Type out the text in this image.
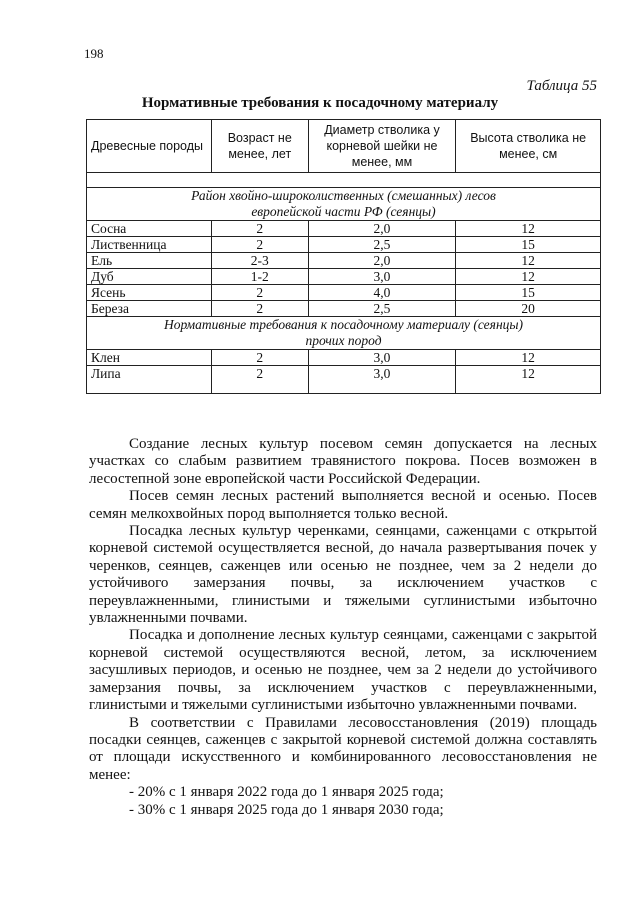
198
Таблица 55
Нормативные требования к посадочному материалу
Древесные породы	Возраст не менее, лет	Диаметр стволика у корневой шейки не менее, мм	Высота стволика не менее, см

Район хвойно-широколиственных (смешанных) лесов
европейской части РФ (сеянцы)			

Сосна	2	2,0	12
Лиственница	2	2,5	15
Ель	2-3	2,0	12
Дуб	1-2	3,0	12
Ясень	2	4,0	15
Береза	2	2,5	20

Нормативные требования к посадочному материалу (сеянцы)
прочих пород			

Клен	2	3,0	12
Липа	2	3,0	12

Создание лесных культур посевом семян допускается на лесных участках со слабым развитием травянистого покрова. Посев возможен в лесостепной зоне европейской части Российской Федерации.

Посев семян лесных растений выполняется весной и осенью. Посев семян мелкохвойных пород выполняется только весной.

Посадка лесных культур черенками, сеянцами, саженцами с открытой корневой системой осуществляется весной, до начала развертывания почек у черенков, сеянцев, саженцев или осенью не позднее, чем за 2 недели до устойчивого замерзания почвы, за исключением участков с переувлажненными, глинистыми и тяжелыми суглинистыми избыточно увлажненными почвами.

Посадка и дополнение лесных культур сеянцами, саженцами с закрытой корневой системой осуществляются весной, летом, за исключением засушливых периодов, и осенью не позднее, чем за 2 недели до устойчивого замерзания почвы, за исключением участков с переувлажненными, глинистыми и тяжелыми суглинистыми избыточно увлажненными почвами.

В соответствии с Правилами лесовосстановления (2019) площадь посадки сеянцев, саженцев с закрытой корневой системой должна составлять от площади искусственного и комбинированного лесовосстановления не менее:

- 20% с 1 января 2022 года до 1 января 2025 года;

- 30% с 1 января 2025 года до 1 января 2030 года;
